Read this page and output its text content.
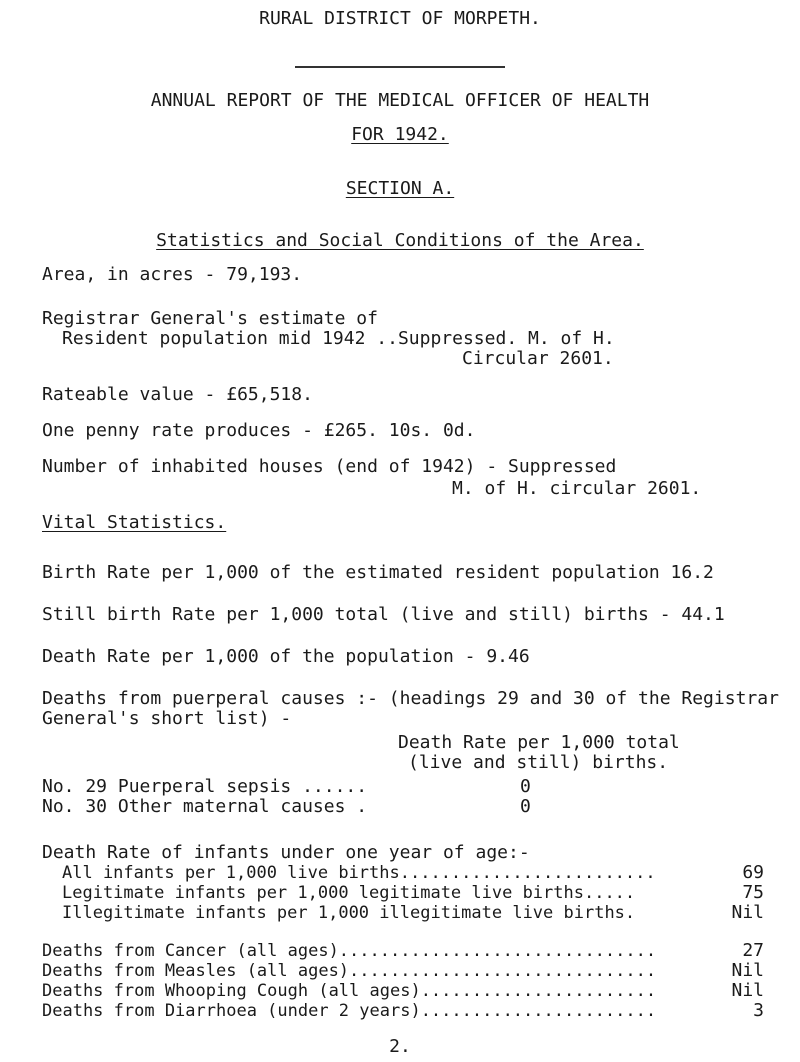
RURAL DISTRICT OF MORPETH.

ANNUAL REPORT OF THE MEDICAL OFFICER OF HEALTH
FOR 1942.
SECTION A.
Statistics and Social Conditions of the Area.
Area, in acres - 79,193.
Registrar General's estimate of
Resident population mid 1942 ..Suppressed. M. of H.
Circular 2601.
Rateable value - £65,518.
One penny rate produces - £265. 10s. 0d.
Number of inhabited houses (end of 1942) - Suppressed
M. of H. circular 2601.
Vital Statistics.
Birth Rate per 1,000 of the estimated resident population 16.2
Still birth Rate per 1,000 total (live and still) births - 44.1
Death Rate per 1,000 of the population - 9.46
Deaths from puerperal causes :- (headings 29 and 30 of the Registrar
General's short list) -
Death Rate per 1,000 total
(live and still) births.
No. 29 Puerperal sepsis ......	0
No. 30 Other maternal causes .	0
Death Rate of infants under one year of age:-
All infants per 1,000 live births.........................	69
Legitimate infants per 1,000 legitimate live births.....	75
Illegitimate infants per 1,000 illegitimate live births.	Nil
Deaths from Cancer (all ages)...............................	27
Deaths from Measles (all ages)..............................	Nil
Deaths from Whooping Cough (all ages).......................	Nil
Deaths from Diarrhoea (under 2 years).......................	3
2.
